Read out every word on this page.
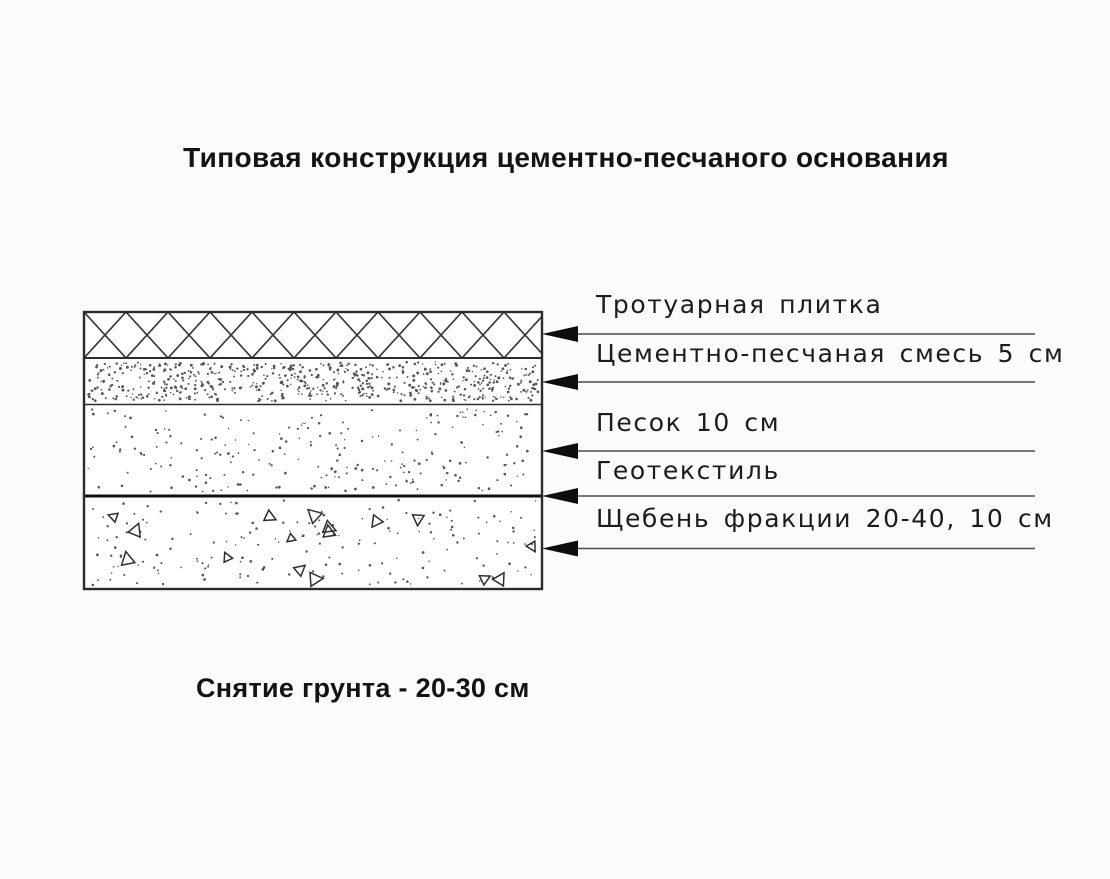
Типовая конструкция цементно-песчаного основания
Тротуарная плитка
Цементно-песчаная смесь 5 см
Песок 10 см
Геотекстиль
Щебень фракции 20-40, 10 см
Снятие грунта - 20-30 см
